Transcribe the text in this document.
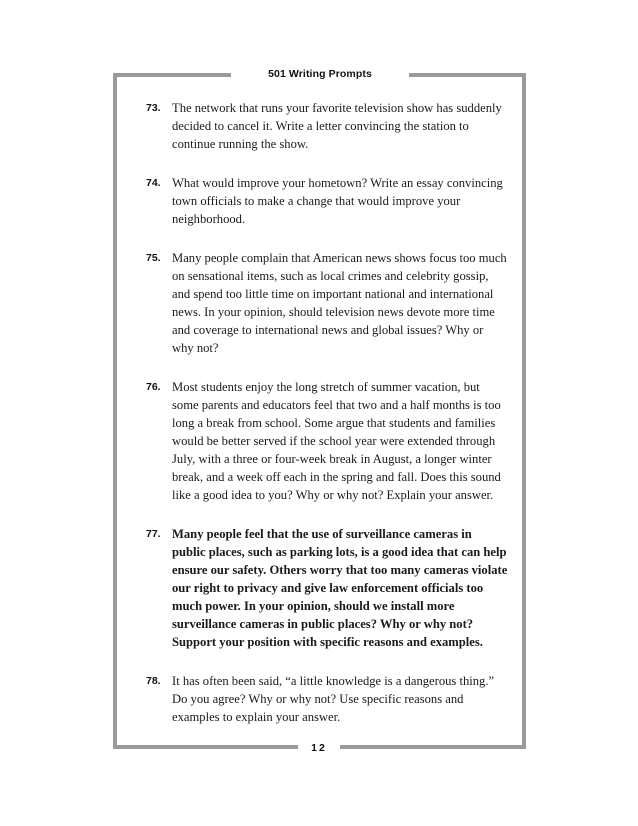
501 Writing Prompts
73. The network that runs your favorite television show has suddenly decided to cancel it. Write a letter convincing the station to continue running the show.
74. What would improve your hometown? Write an essay convincing town officials to make a change that would improve your neighborhood.
75. Many people complain that American news shows focus too much on sensational items, such as local crimes and celebrity gossip, and spend too little time on important national and international news. In your opinion, should television news devote more time and coverage to international news and global issues? Why or why not?
76. Most students enjoy the long stretch of summer vacation, but some parents and educators feel that two and a half months is too long a break from school. Some argue that students and families would be better served if the school year were extended through July, with a three or four-week break in August, a longer winter break, and a week off each in the spring and fall. Does this sound like a good idea to you? Why or why not? Explain your answer.
77. Many people feel that the use of surveillance cameras in public places, such as parking lots, is a good idea that can help ensure our safety. Others worry that too many cameras violate our right to privacy and give law enforcement officials too much power. In your opinion, should we install more surveillance cameras in public places? Why or why not? Support your position with specific reasons and examples.
78. It has often been said, “a little knowledge is a dangerous thing.” Do you agree? Why or why not? Use specific reasons and examples to explain your answer.
12
